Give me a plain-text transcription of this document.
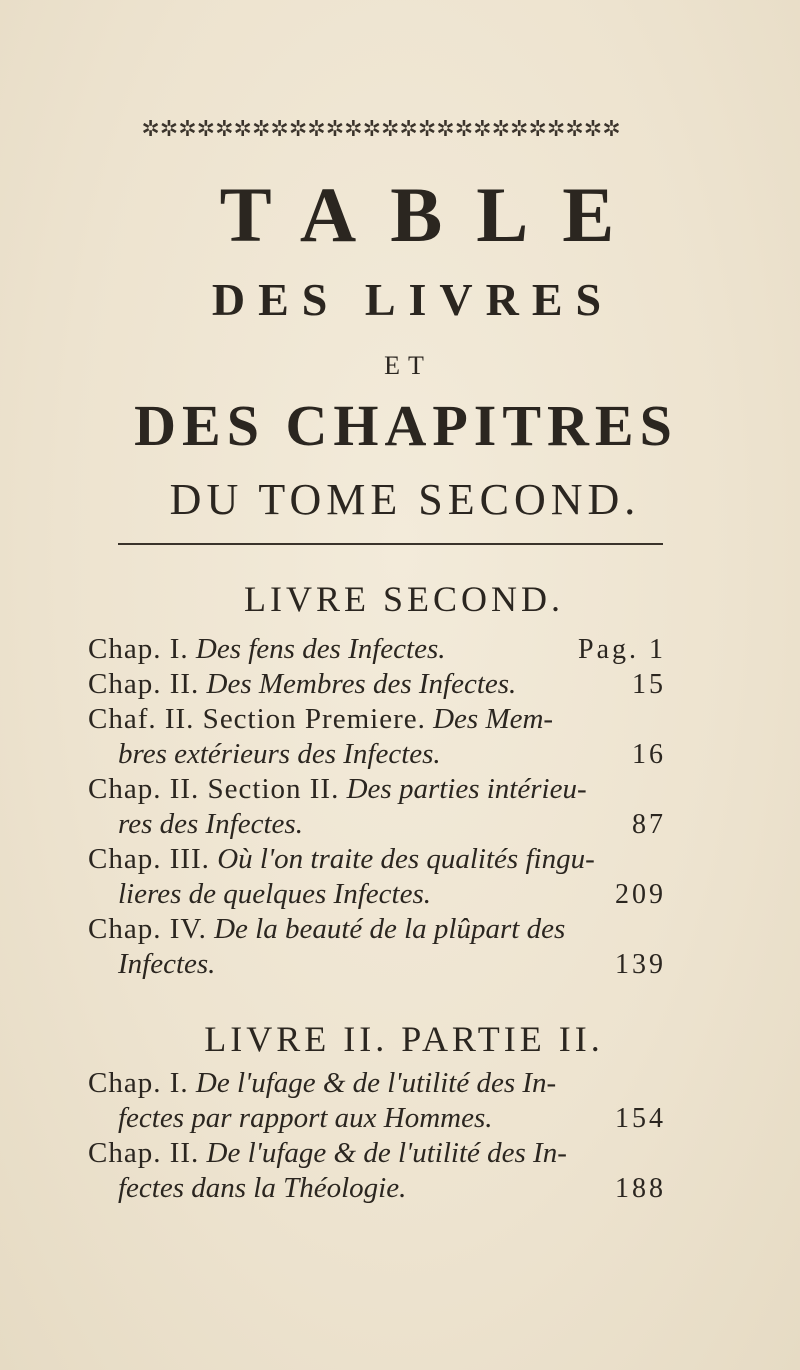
✲✲✲✲✲✲✲✲✲✲✲✲✲✲✲✲✲✲✲✲✲✲✲✲✲✲
TABLE
DES LIVRES
ET
DES CHAPITRES
DU TOME SECOND.
LIVRE SECOND.
Chap. I. Des fens des Infectes.	Pag. 1
Chap. II. Des Membres des Infectes.	15
Chaf. II. Section Premiere. Des Mem-
bres extérieurs des Infectes.	16
Chap. II. Section II. Des parties intérieu-
res des Infectes.	87
Chap. III. Où l'on traite des qualités fingu-
lieres de quelques Infectes.	209
Chap. IV. De la beauté de la plûpart des
Infectes.	139
LIVRE II. PARTIE II.
Chap. I. De l'ufage & de l'utilité des In-
fectes par rapport aux Hommes.	154
Chap. II. De l'ufage & de l'utilité des In-
fectes dans la Théologie.	188
